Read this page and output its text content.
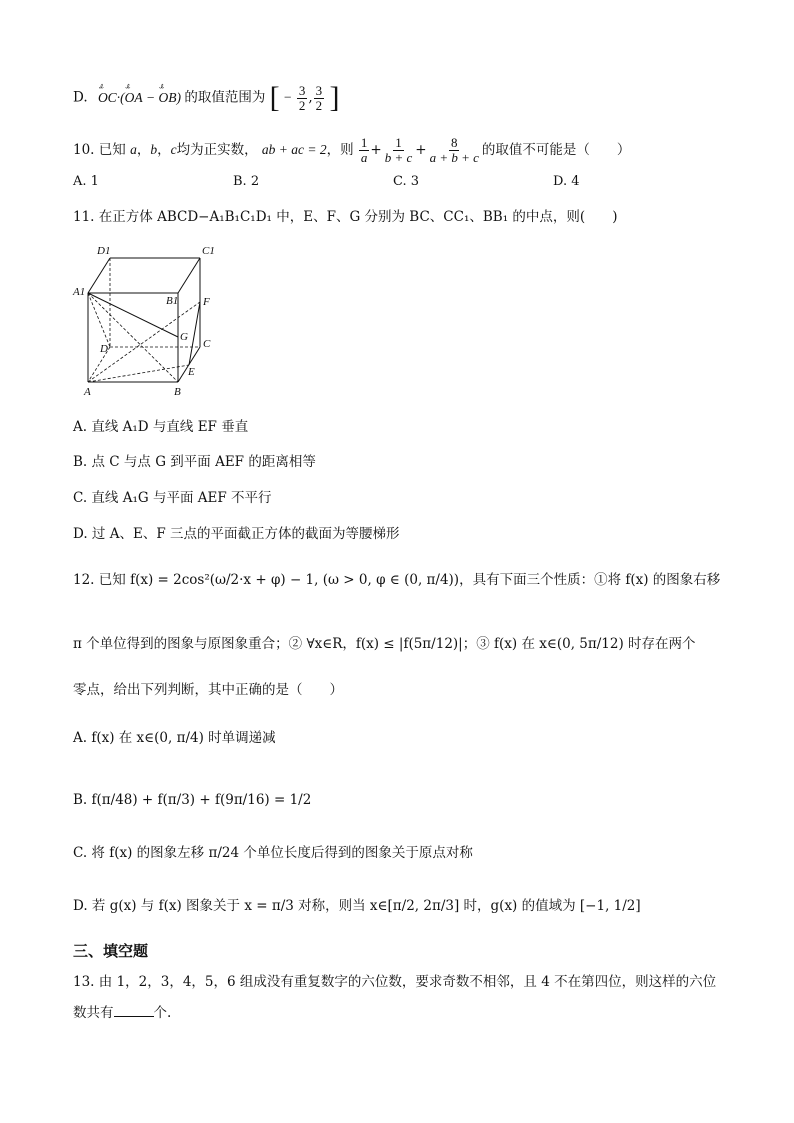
D. ꕊ OC·(ꕊ OA − ꕊ OB) 的取值范围为 [ − $\frac{3}{2}$ , $\frac{3}{2}$ ]
10. 已知 a，b，c均为正实数， ab + ac = 2，则 $\frac{1}{a} + \frac{1}{b + c} + \frac{8}{a + b + c}$ 的取值不可能是（　　）
A. 1	B. 2	C. 3	D. 4
11. 在正方体 ABCD−A₁B₁C₁D₁ 中，E、F、G 分别为 BC、CC₁、BB₁ 的中点，则(　　)
D1	C1
A1
B1 F
G
D	C
E
A	B
A. 直线 A₁D 与直线 EF 垂直
B. 点 C 与点 G 到平面 AEF 的距离相等
C. 直线 A₁G 与平面 AEF 不平行
D. 过 A、E、F 三点的平面截正方体的截面为等腰梯形
12. 已知 f(x) = 2cos²(ω/2·x + φ) − 1, (ω > 0, φ ∈ (0, π/4))，具有下面三个性质：①将 f(x) 的图象右移
π 个单位得到的图象与原图象重合；② ∀x∈R，f(x) ≤ |f(5π/12)|；③ f(x) 在 x∈(0, 5π/12) 时存在两个
零点，给出下列判断，其中正确的是（　　）
A. f(x) 在 x∈(0, π/4) 时单调递减
B. f(π/48) + f(π/3) + f(9π/16) = 1/2
C. 将 f(x) 的图象左移 π/24 个单位长度后得到的图象关于原点对称
D. 若 g(x) 与 f(x) 图象关于 x = π/3 对称，则当 x∈[π/2, 2π/3] 时，g(x) 的值域为 [−1, 1/2]
三、填空题
13. 由 1，2，3，4，5，6 组成没有重复数字的六位数，要求奇数不相邻，且 4 不在第四位，则这样的六位
数共有	个.
